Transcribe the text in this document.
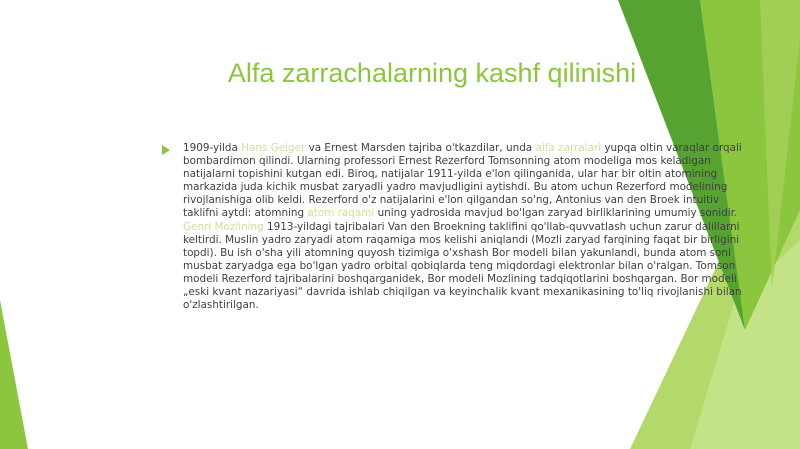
Alfa zarrachalarning kashf qilinishi

1909-yilda Hans Geiger va Ernest Marsden tajriba o'tkazdilar, unda alfa zarralari yupqa oltin varaqlar orqali bombardimon qilindi. Ularning professori Ernest Rezerford Tomsonning atom modeliga mos keladigan natijalarni topishini kutgan edi. Biroq, natijalar 1911-yilda e'lon qilinganida, ular har bir oltin atomining markazida juda kichik musbat zaryadli yadro mavjudligini aytishdi. Bu atom uchun Rezerford modelining rivojlanishiga olib keldi. Rezerford o'z natijalarini e'lon qilgandan so'ng, Antonius van den Broek intuitiv taklifni aytdi: atomning atom raqami uning yadrosida mavjud bo'lgan zaryad birliklarining umumiy sonidir. Genri Mozlining 1913-yildagi tajribalari Van den Broekning taklifini qo'llab-quvvatlash uchun zarur dalillarni keltirdi. Muslin yadro zaryadi atom raqamiga mos kelishi aniqlandi (Mozli zaryad farqining faqat bir birligini topdi). Bu ish o'sha yili atomning quyosh tizimiga o'xshash Bor modeli bilan yakunlandi, bunda atom soni musbat zaryadga ega bo'lgan yadro orbital qobiqlarda teng miqdordagi elektronlar bilan o'ralgan. Tomson modeli Rezerford tajribalarini boshqarganidek, Bor modeli Mozlining tadqiqotlarini boshqargan. Bor modeli „eski kvant nazariyasi“ davrida ishlab chiqilgan va keyinchalik kvant mexanikasining to'liq rivojlanishi bilan o'zlashtirilgan.
